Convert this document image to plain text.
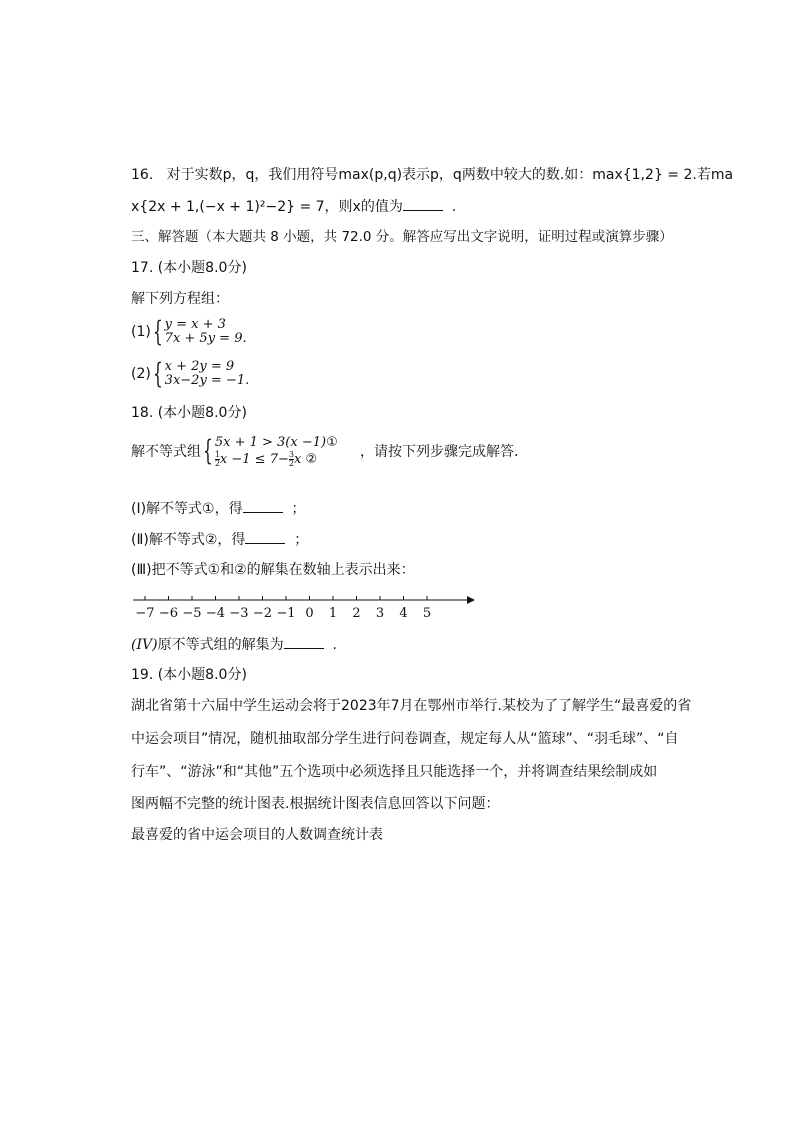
16. 对于实数p，q，我们用符号max(p,q)表示p，q两数中较大的数.如：max{1,2} = 2.若ma
x{2x + 1,(−x + 1)²−2} = 7，则x的值为	.
三、解答题（本大题共 8 小题，共 72.0 分。解答应写出文字说明，证明过程或演算步骤）
17. (本小题8.0分)
解下列方程组：
(1){ y = x + 3
7x + 5y = 9.
(2){ x + 2y = 9
3x−2y = −1.
18. (本小题8.0分)
解不等式组{ 5x + 1 > 3(x −1)①

$\frac{1}{2}$ $x -1 \le 7- \frac{3}{2}$ x ②	，请按下列步骤完成解答.
(Ⅰ)解不等式①，得	；
(Ⅱ)解不等式②，得	；
(Ⅲ)把不等式①和②的解集在数轴上表示出来：
−7 −6 −5 −4 −3 −2 −1 0 1 2 3 4 5
(IV)原不等式组的解集为	.
19. (本小题8.0分)
湖北省第十六届中学生运动会将于2023年7月在鄂州市举行.某校为了了解学生“最喜爱的省
中运会项目”情况，随机抽取部分学生进行问卷调查，规定每人从“篮球”、“羽毛球”、“自
行车”、“游泳”和“其他”五个选项中必须选择且只能选择一个，并将调查结果绘制成如
图两幅不完整的统计图表.根据统计图表信息回答以下问题：
最喜爱的省中运会项目的人数调查统计表
